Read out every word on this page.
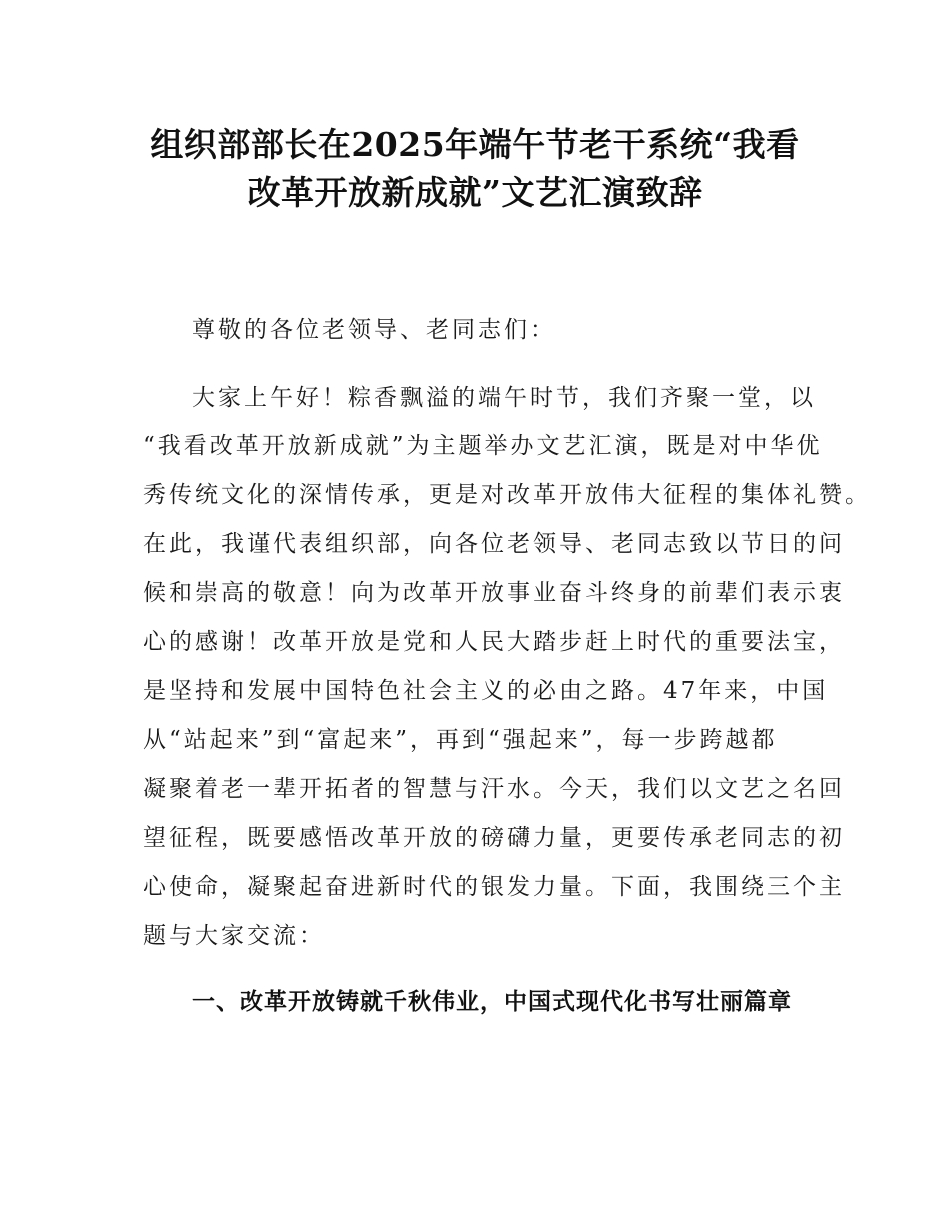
组织部部长在2025年端午节老干系统“我看
改革开放新成就”文艺汇演致辞
尊敬的各位老领导、老同志们：
大家上午好！粽香飘溢的端午时节，我们齐聚一堂，以
“我看改革开放新成就”为主题举办文艺汇演，既是对中华优
秀传统文化的深情传承，更是对改革开放伟大征程的集体礼赞。
在此，我谨代表组织部，向各位老领导、老同志致以节日的问
候和崇高的敬意！向为改革开放事业奋斗终身的前辈们表示衷
心的感谢！改革开放是党和人民大踏步赶上时代的重要法宝，
是坚持和发展中国特色社会主义的必由之路。47年来，中国
从“站起来”到“富起来”，再到“强起来”，每一步跨越都
凝聚着老一辈开拓者的智慧与汗水。今天，我们以文艺之名回
望征程，既要感悟改革开放的磅礴力量，更要传承老同志的初
心使命，凝聚起奋进新时代的银发力量。下面，我围绕三个主
题与大家交流：
一、改革开放铸就千秋伟业，中国式现代化书写壮丽篇章
